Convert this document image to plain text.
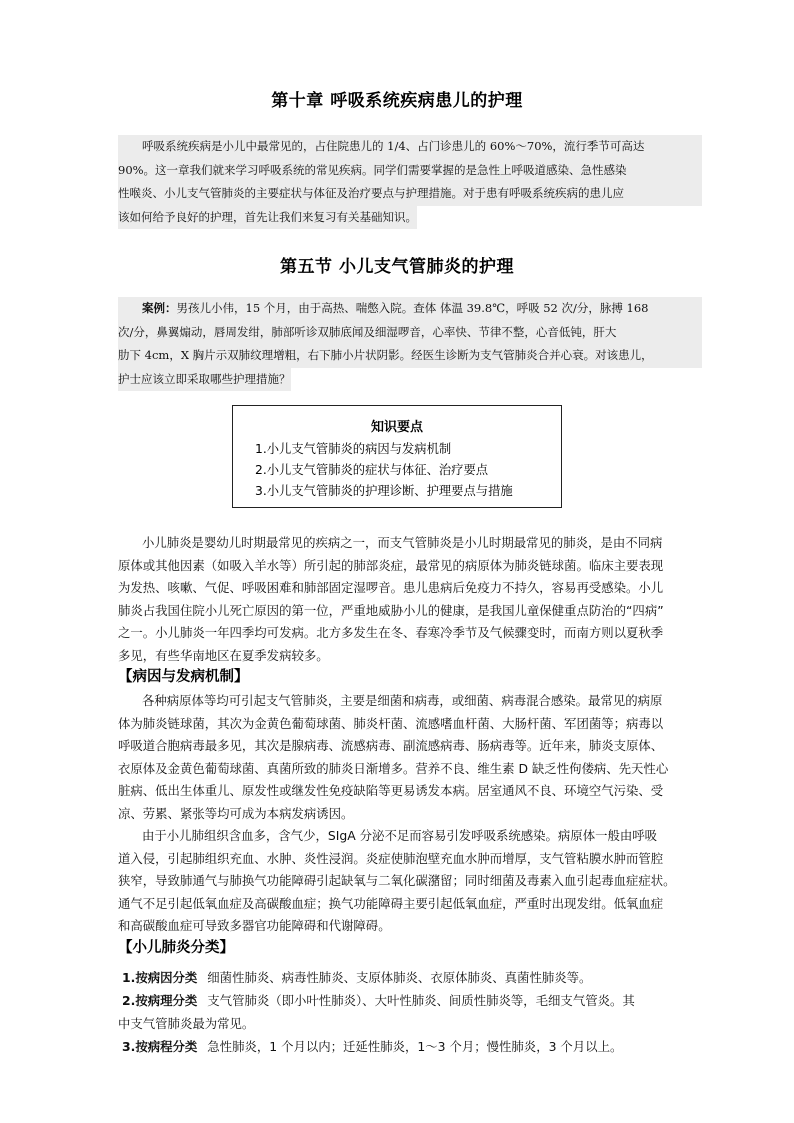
第十章 呼吸系统疾病患儿的护理
呼吸系统疾病是小儿中最常见的，占住院患儿的 1/4、占门诊患儿的 60%～70%，流行季节可高达
90%。这一章我们就来学习呼吸系统的常见疾病。同学们需要掌握的是急性上呼吸道感染、急性感染
性喉炎、小儿支气管肺炎的主要症状与体征及治疗要点与护理措施。对于患有呼吸系统疾病的患儿应
该如何给予良好的护理，首先让我们来复习有关基础知识。
第五节 小儿支气管肺炎的护理
案例：男孩儿小伟，15 个月，由于高热、喘憋入院。查体 体温 39.8℃，呼吸 52 次/分，脉搏 168
次/分，鼻翼煽动，唇周发绀，肺部听诊双肺底闻及细湿啰音，心率快、节律不整，心音低钝，肝大
肋下 4cm，X 胸片示双肺纹理增粗，右下肺小片状阴影。经医生诊断为支气管肺炎合并心衰。对该患儿，
护士应该立即采取哪些护理措施？
知识要点
1.小儿支气管肺炎的病因与发病机制
2.小儿支气管肺炎的症状与体征、治疗要点
3.小儿支气管肺炎的护理诊断、护理要点与措施
小儿肺炎是婴幼儿时期最常见的疾病之一，而支气管肺炎是小儿时期最常见的肺炎，是由不同病
原体或其他因素（如吸入羊水等）所引起的肺部炎症，最常见的病原体为肺炎链球菌。临床主要表现
为发热、咳嗽、气促、呼吸困难和肺部固定湿啰音。患儿患病后免疫力不持久，容易再受感染。小儿
肺炎占我国住院小儿死亡原因的第一位，严重地威胁小儿的健康，是我国儿童保健重点防治的“四病”
之一。小儿肺炎一年四季均可发病。北方多发生在冬、春寒冷季节及气候骤变时，而南方则以夏秋季
多见，有些华南地区在夏季发病较多。
【病因与发病机制】
各种病原体等均可引起支气管肺炎，主要是细菌和病毒，或细菌、病毒混合感染。最常见的病原
体为肺炎链球菌，其次为金黄色葡萄球菌、肺炎杆菌、流感嗜血杆菌、大肠杆菌、军团菌等；病毒以
呼吸道合胞病毒最多见，其次是腺病毒、流感病毒、副流感病毒、肠病毒等。近年来，肺炎支原体、
衣原体及金黄色葡萄球菌、真菌所致的肺炎日渐增多。营养不良、维生素 D 缺乏性佝偻病、先天性心
脏病、低出生体重儿、原发性或继发性免疫缺陷等更易诱发本病。居室通风不良、环境空气污染、受
凉、劳累、紧张等均可成为本病发病诱因。
由于小儿肺组织含血多，含气少，SIgA 分泌不足而容易引发呼吸系统感染。病原体一般由呼吸
道入侵，引起肺组织充血、水肿、炎性浸润。炎症使肺泡壁充血水肿而增厚，支气管粘膜水肿而管腔
狭窄，导致肺通气与肺换气功能障碍引起缺氧与二氧化碳潴留；同时细菌及毒素入血引起毒血症症状。
通气不足引起低氧血症及高碳酸血症；换气功能障碍主要引起低氧血症，严重时出现发绀。低氧血症
和高碳酸血症可导致多器官功能障碍和代谢障碍。
【小儿肺炎分类】
1.按病因分类 细菌性肺炎、病毒性肺炎、支原体肺炎、衣原体肺炎、真菌性肺炎等。
2.按病理分类 支气管肺炎（即小叶性肺炎）、大叶性肺炎、间质性肺炎等，毛细支气管炎。其
中支气管肺炎最为常见。
3.按病程分类 急性肺炎，1 个月以内；迁延性肺炎，1～3 个月；慢性肺炎，3 个月以上。
